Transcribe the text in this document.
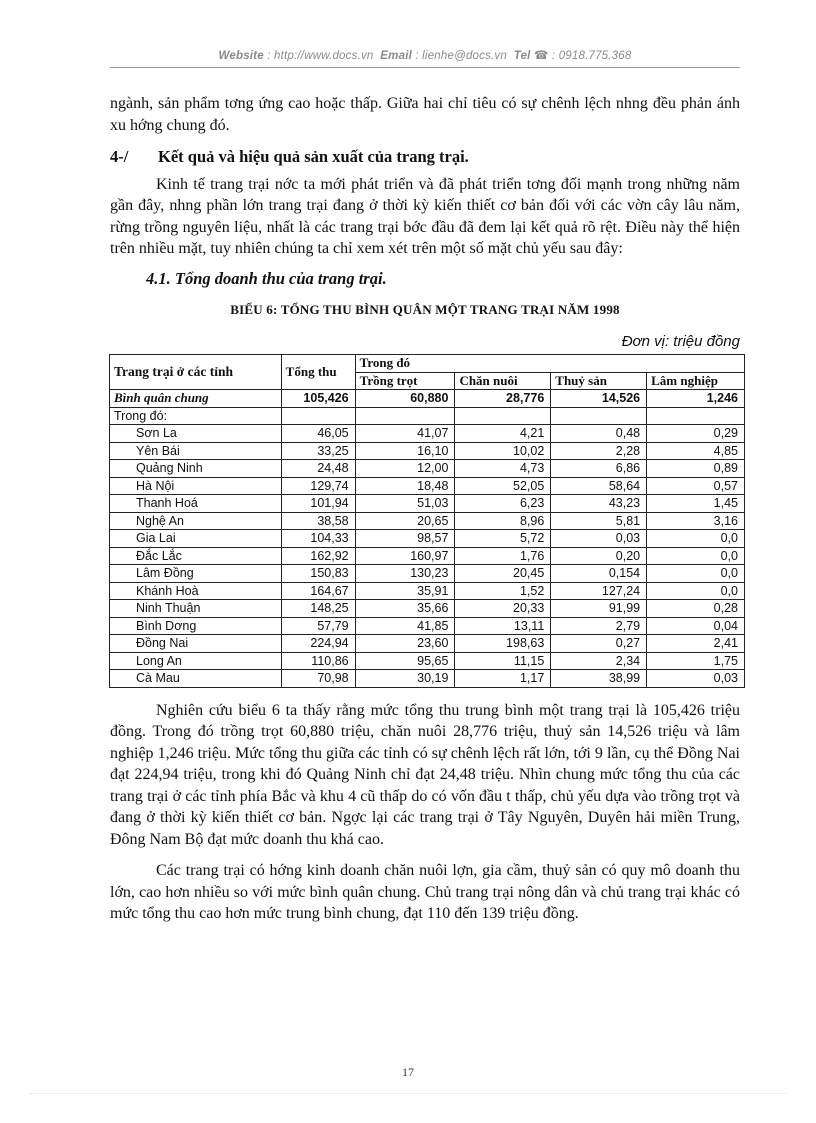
Website : http://www.docs.vn Email : lienhe@docs.vn Tel ☎ : 0918.775.368

ngành, sản phẩm tơng ứng cao hoặc thấp. Giữa hai chỉ tiêu có sự chênh lệch nhng đều phản ánh xu hớng chung đó.

4-/ Kết quả và hiệu quả sản xuất của trang trại.

Kinh tế trang trại nớc ta mới phát triển và đã phát triển tơng đối mạnh trong những năm gần đây, nhng phần lớn trang trại đang ở thời kỳ kiến thiết cơ bản đối với các vờn cây lâu năm, rừng trồng nguyên liệu, nhất là các trang trại bớc đầu đã đem lại kết quả rõ rệt. Điều này thể hiện trên nhiều mặt, tuy nhiên chúng ta chỉ xem xét trên một số mặt chủ yếu sau đây:

4.1. Tổng doanh thu của trang trại.

BIỂU 6: TỔNG THU BÌNH QUÂN MỘT TRANG TRẠI NĂM 1998

Đơn vị: triệu đồng

Trang trại ở các tỉnh	Tổng thu	Trong đó			
		Trồng trọt	Chăn nuôi	Thuỷ sản	Lâm nghiệp
Bình quân chung	105,426	60,880	28,776	14,526	1,246
Trong đó:					
Sơn La	46,05	41,07	4,21	0,48	0,29
Yên Bái	33,25	16,10	10,02	2,28	4,85
Quảng Ninh	24,48	12,00	4,73	6,86	0,89
Hà Nội	129,74	18,48	52,05	58,64	0,57
Thanh Hoá	101,94	51,03	6,23	43,23	1,45
Nghệ An	38,58	20,65	8,96	5,81	3,16
Gia Lai	104,33	98,57	5,72	0,03	0,0
Đắc Lắc	162,92	160,97	1,76	0,20	0,0
Lâm Đồng	150,83	130,23	20,45	0,154	0,0
Khánh Hoà	164,67	35,91	1,52	127,24	0,0
Ninh Thuận	148,25	35,66	20,33	91,99	0,28
Bình Dơng	57,79	41,85	13,11	2,79	0,04
Đồng Nai	224,94	23,60	198,63	0,27	2,41
Long An	110,86	95,65	11,15	2,34	1,75
Cà Mau	70,98	30,19	1,17	38,99	0,03

Nghiên cứu biểu 6 ta thấy rằng mức tổng thu trung bình một trang trại là 105,426 triệu đồng. Trong đó trồng trọt 60,880 triệu, chăn nuôi 28,776 triệu, thuỷ sản 14,526 triệu và lâm nghiệp 1,246 triệu. Mức tổng thu giữa các tỉnh có sự chênh lệch rất lớn, tới 9 lần, cụ thể Đồng Nai đạt 224,94 triệu, trong khi đó Quảng Ninh chỉ đạt 24,48 triệu. Nhìn chung mức tổng thu của các trang trại ở các tỉnh phía Bắc và khu 4 cũ thấp do có vốn đầu t thấp, chủ yếu dựa vào trồng trọt và đang ở thời kỳ kiến thiết cơ bản. Ngợc lại các trang trại ở Tây Nguyên, Duyên hải miền Trung, Đông Nam Bộ đạt mức doanh thu khá cao.

Các trang trại có hớng kinh doanh chăn nuôi lợn, gia cầm, thuỷ sản có quy mô doanh thu lớn, cao hơn nhiều so với mức bình quân chung. Chủ trang trại nông dân và chủ trang trại khác có mức tổng thu cao hơn mức trung bình chung, đạt 110 đến 139 triệu đồng.

17
